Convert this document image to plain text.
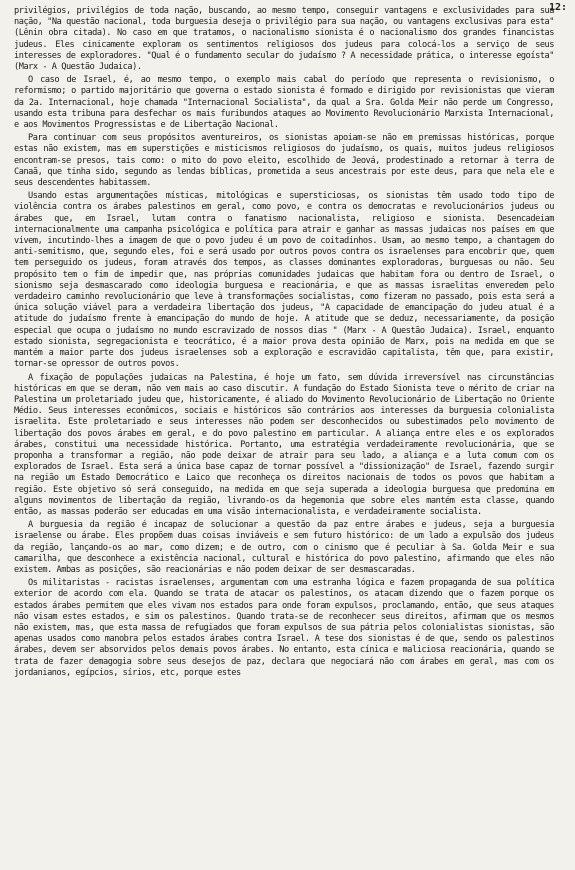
12:

privilégios, privilégios de toda nação, buscando, ao mesmo tempo, conseguir vantagens e exclusividades para sua nação, "Na questão nacional, toda burguesia deseja o privilégio para sua nação, ou vantagens exclusivas para esta" (Lênin obra citada). No caso em que tratamos, o nacionalismo sionista é o nacionalismo dos grandes financistas judeus. Eles cinicamente exploram os sentimentos religiosos dos judeus para colocá-los a serviço de seus interesses de exploradores. "Qual é o fundamento secular do judaísmo ? A necessidade prática, o interesse egoísta" (Marx - A Questão Judaica).

O caso de Israel, é, ao mesmo tempo, o exemplo mais cabal do período que representa o revisionismo, o reformismo; o partido majoritário que governa o estado sionista é formado e dirigido por revisionistas que vieram da 2a. Internacional, hoje chamada "Internacional Socialista", da qual a Sra. Golda Meir não perde um Congresso, usando esta tribuna para desfechar os mais furibundos ataques ao Movimento Revolucionário Marxista Internacional, e aos Movimentos Progressistas e de Libertação Nacional.

Para continuar com seus propósitos aventureiros, os sionistas apoiam-se não em premissas históricas, porque estas não existem, mas em superstições e misticismos religiosos do judaísmo, os quais, muitos judeus religiosos encontram-se presos, tais como: o mito do povo eleito, escolhido de Jeová, prodestinado a retornar à terra de Canaã, que tinha sido, segundo as lendas bíblicas, prometida a seus ancestrais por este deus, para que nela ele e seus descendentes habitassem.

Usando estas argumentações místicas, mitológicas e supersticiosas, os sionistas têm usado todo tipo de violência contra os árabes palestinos em geral, como povo, e contra os democratas e revolucionários judeus ou árabes que, em Israel, lutam contra o fanatismo nacionalista, religioso e sionista. Desencadeiam internacionalmente uma campanha psicológica e política para atrair e ganhar as massas judaicas nos países em que vivem, incutindo-lhes a imagem de que o povo judeu é um povo de coitadinhos. Usam, ao mesmo tempo, a chantagem do anti-semitismo, que, segundo eles, foi e será usado por outros povos contra os israelenses para encobrir que, quem tem perseguido os judeus, foram através dos tempos, as classes dominantes exploradoras, burguesas ou não. Seu propósito tem o fim de impedir que, nas próprias comunidades judaicas que habitam fora ou dentro de Israel, o sionismo seja desmascarado como ideologia burguesa e reacionária, e que as massas israelitas enveredem pelo verdadeiro caminho revolucionário que leve à transformações socialistas, como fizeram no passado, pois esta será a única solução viável para a verdadeira libertação dos judeus, "A capacidade de emancipação do judeu atual é a atitude do judaísmo frente à emancipação do mundo de hoje. A atitude que se deduz, necessariamente, da posição especial que ocupa o judaísmo no mundo escravizado de nossos dias " (Marx - A Questão Judaica). Israel, enquanto estado sionista, segregacionista e teocrático, é a maior prova desta opinião de Marx, pois na medida em que se mantém a maior parte dos judeus israelenses sob a exploração e escravidão capitalista, têm que, para existir, tornar-se opressor de outros povos.

A fixação de populações judaicas na Palestina, é hoje um fato, sem dúvida irreversível nas circunstâncias históricas em que se deram, não vem mais ao caso discutir. A fundação do Estado Sionista teve o mérito de criar na Palestina um proletariado judeu que, historicamente, é aliado do Movimento Revolucionário de Libertação no Oriente Médio. Seus interesses econômicos, sociais e históricos são contrários aos interesses da burguesia colonialista israelita. Este proletariado e seus interesses não podem ser desconhecidos ou subestimados pelo movimento de libertação dos povos árabes em geral, e do povo palestino em particular. A aliança entre eles e os explorados árabes, constitui uma necessidade histórica. Portanto, uma estratégia verdadeiramente revolucionária, que se proponha a transformar a região, não pode deixar de atrair para seu lado, a aliança e a luta comum com os explorados de Israel. Esta será a única base capaz de tornar possível a "dissionização" de Israel, fazendo surgir na região um Estado Democrático e Laico que reconheça os direitos nacionais de todos os povos que habitam a região. Este objetivo só será conseguido, na medida em que seja superada a ideologia burguesa que predomina em alguns movimentos de libertação da região, livrando-os da hegemonia que sobre eles mantém esta classe, quando então, as massas poderão ser educadas em uma visão internacionalista, e verdadeiramente socialista.

A burguesia da região é incapaz de solucionar a questão da paz entre árabes e judeus, seja a burguesia israelense ou árabe. Eles propõem duas coisas inviáveis e sem futuro histórico: de um lado a expulsão dos judeus da região, lançando-os ao mar, como dizem; e de outro, com o cinismo que é peculiar à Sa. Golda Meir e sua camarilha, que desconhece a existência nacional, cultural e histórica do povo palestino, afirmando que eles não existem. Ambas as posições, são reacionárias e não podem deixar de ser desmascaradas.

Os militaristas - racistas israelenses, argumentam com uma estranha lógica e fazem propaganda de sua política exterior de acordo com ela. Quando se trata de atacar os palestinos, os atacam dizendo que o fazem porque os estados árabes permitem que eles vivam nos estados para onde foram expulsos, proclamando, então, que seus ataques não visam estes estados, e sim os palestinos. Quando trata-se de reconhecer seus direitos, afirmam que os mesmos não existem, mas, que esta massa de refugiados que foram expulsos de sua pátria pelos colonialistas sionistas, são apenas usados como manobra pelos estados árabes contra Israel. A tese dos sionistas é de que, sendo os palestinos árabes, devem ser absorvidos pelos demais povos árabes. No entanto, esta cínica e maliciosa reacionária, quando se trata de fazer demagogia sobre seus desejos de paz, declara que negociará não com árabes em geral, mas com os jordanianos, egípcios, sírios, etc, porque estes
